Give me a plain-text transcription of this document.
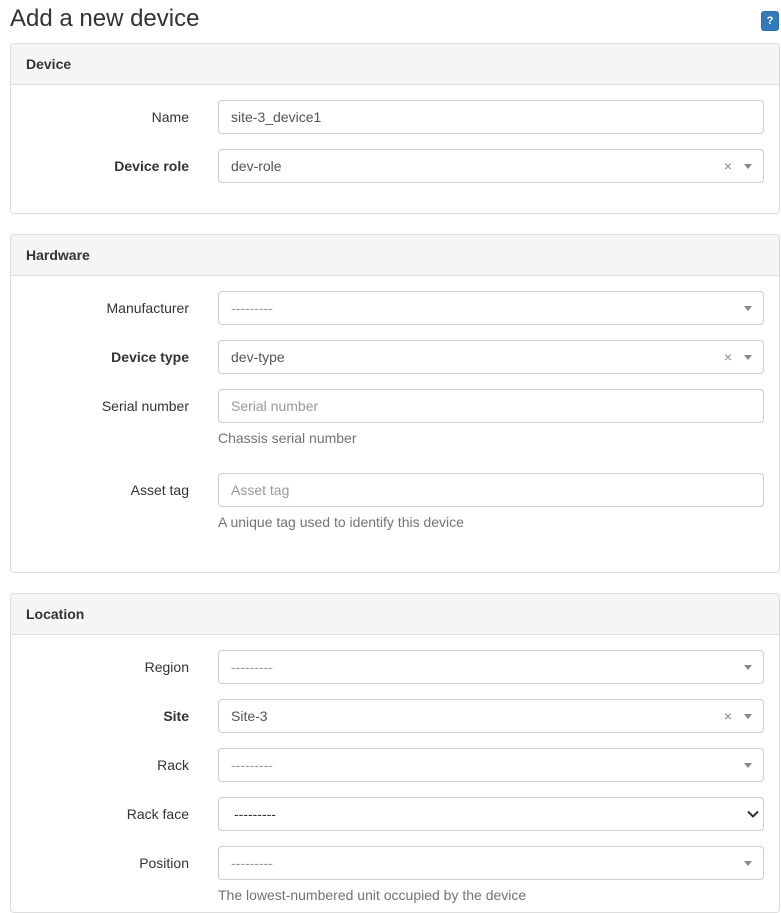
Add a new device	?
Device
Name	site-3_device1
Device role	dev-role	×
Hardware
Manufacturer	---------
Device type	dev-type	×
Serial number	Serial number
Chassis serial number
Asset tag	Asset tag
A unique tag used to identify this device
Location
Region	---------
Site	Site-3	×
Rack	---------
Rack face	---------
Position	---------
The lowest-numbered unit occupied by the device
